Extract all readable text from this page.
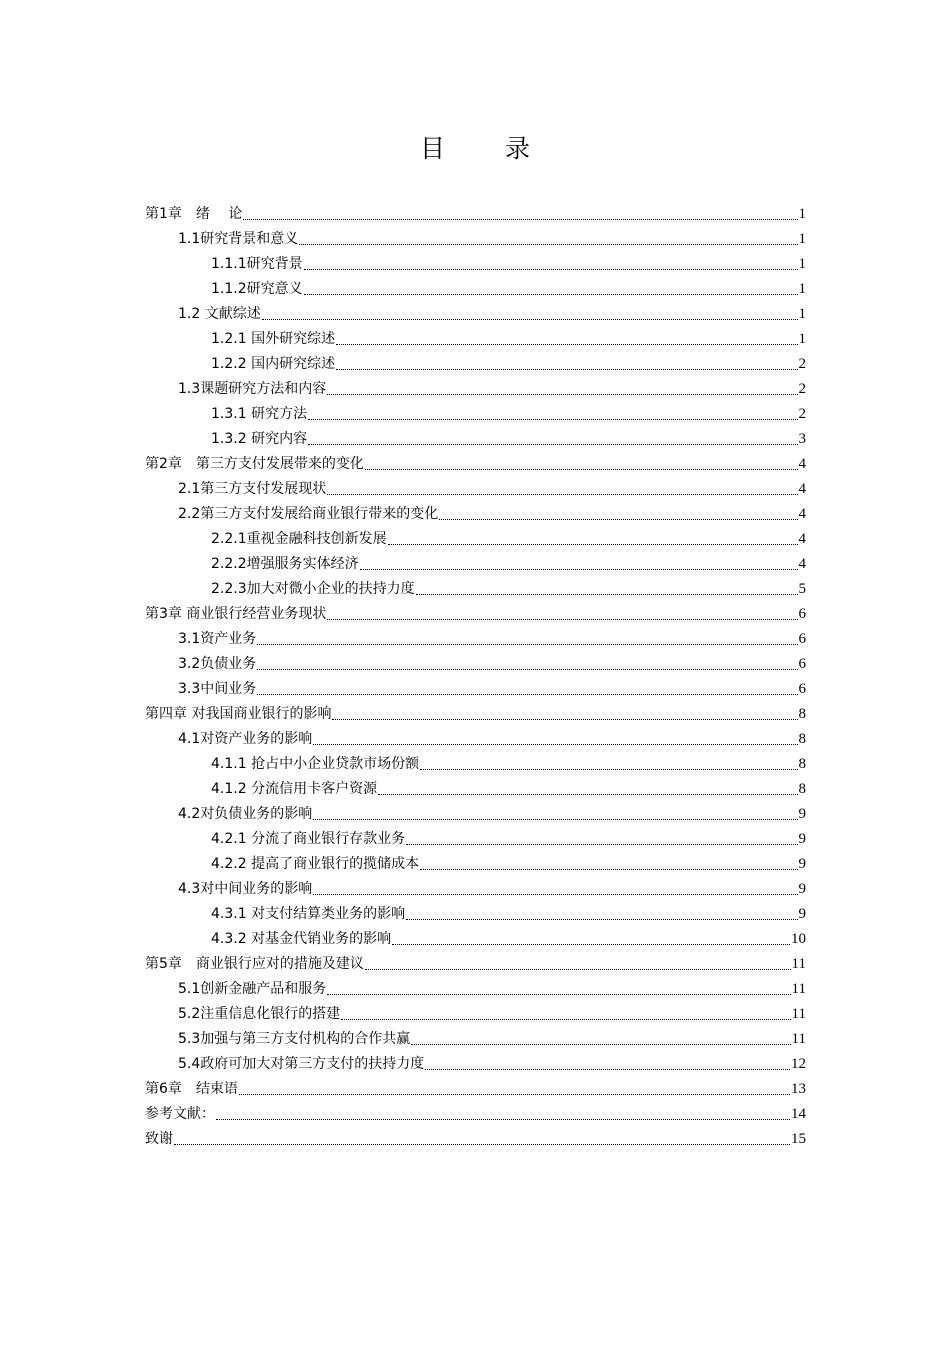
目 录
第1章　绪　 论	1
1.1研究背景和意义	1
1.1.1研究背景	1
1.1.2研究意义	1
1.2 文献综述	1
1.2.1 国外研究综述	1
1.2.2 国内研究综述	2
1.3课题研究方法和内容	2
1.3.1 研究方法	2
1.3.2 研究内容	3
第2章　第三方支付发展带来的变化	4
2.1第三方支付发展现状	4
2.2第三方支付发展给商业银行带来的变化	4
2.2.1重视金融科技创新发展	4
2.2.2增强服务实体经济	4
2.2.3加大对微小企业的扶持力度	5
第3章 商业银行经营业务现状	6
3.1资产业务	6
3.2负债业务	6
3.3中间业务	6
第四章 对我国商业银行的影响	8
4.1对资产业务的影响	8
4.1.1 抢占中小企业贷款市场份额	8
4.1.2 分流信用卡客户资源	8
4.2对负债业务的影响	9
4.2.1 分流了商业银行存款业务	9
4.2.2 提高了商业银行的揽储成本	9
4.3对中间业务的影响	9
4.3.1 对支付结算类业务的影响	9
4.3.2 对基金代销业务的影响	10
第5章　商业银行应对的措施及建议	11
5.1创新金融产品和服务	11
5.2注重信息化银行的搭建	11
5.3加强与第三方支付机构的合作共赢	11
5.4政府可加大对第三方支付的扶持力度	12
第6章　结束语	13
参考文献：	14
致谢	15
